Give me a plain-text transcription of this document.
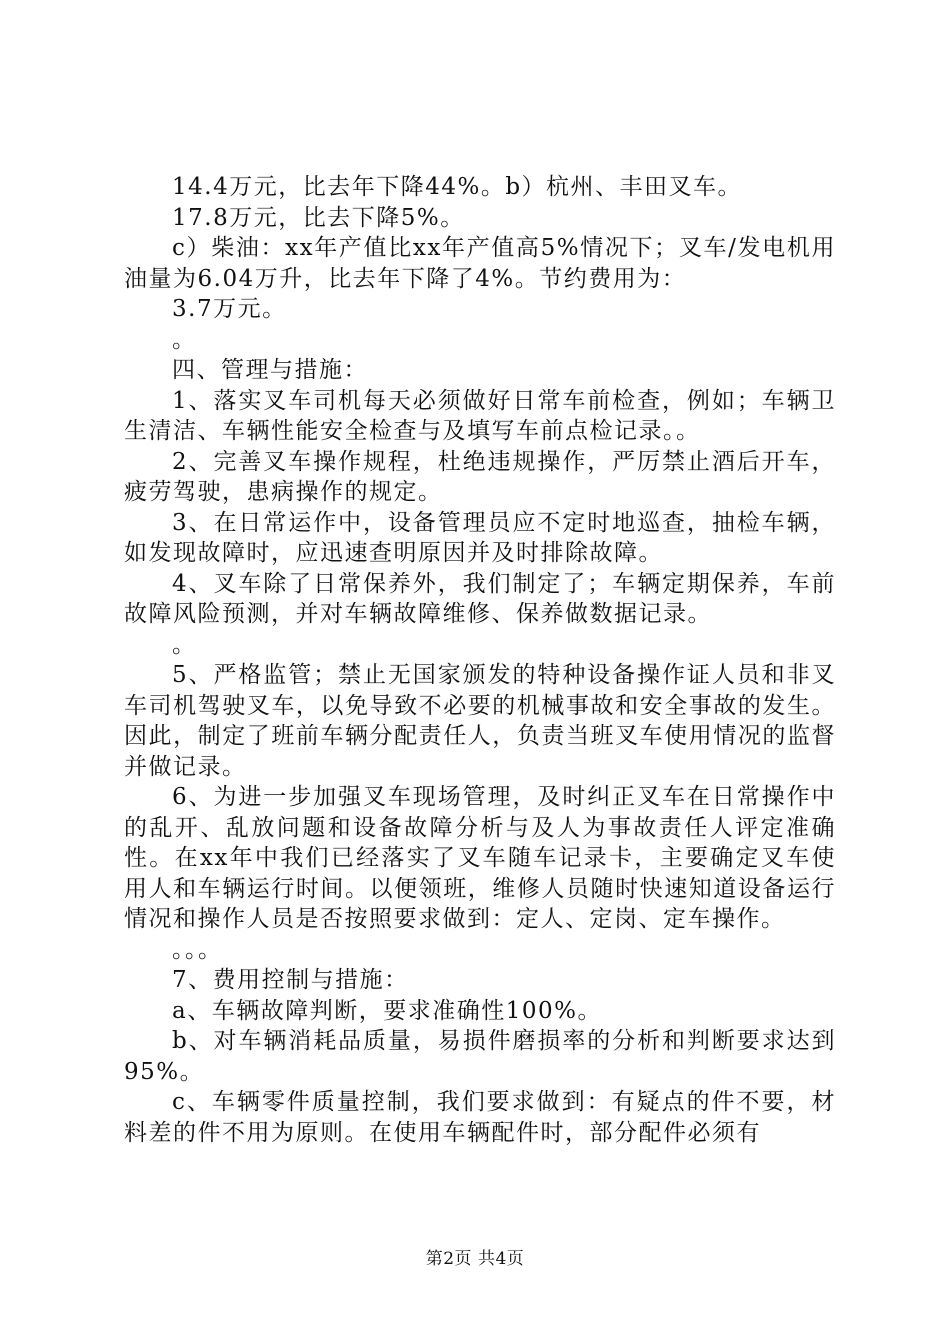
14.4万元，比去年下降44%。b）杭州、丰田叉车。

17.8万元，比去下降5%。

c）柴油：xx年产值比xx年产值高5%情况下；叉车/发电机用油量为6.04万升，比去年下降了4%。节约费用为：

3.7万元。

。

四、管理与措施：

1、落实叉车司机每天必须做好日常车前检查，例如；车辆卫生清洁、车辆性能安全检查与及填写车前点检记录。。

2、完善叉车操作规程，杜绝违规操作，严厉禁止酒后开车，疲劳驾驶，患病操作的规定。

3、在日常运作中，设备管理员应不定时地巡查，抽检车辆，如发现故障时，应迅速查明原因并及时排除故障。

4、叉车除了日常保养外，我们制定了；车辆定期保养，车前故障风险预测，并对车辆故障维修、保养做数据记录。

。

5、严格监管；禁止无国家颁发的特种设备操作证人员和非叉车司机驾驶叉车，以免导致不必要的机械事故和安全事故的发生。因此，制定了班前车辆分配责任人，负责当班叉车使用情况的监督并做记录。

6、为进一步加强叉车现场管理，及时纠正叉车在日常操作中的乱开、乱放问题和设备故障分析与及人为事故责任人评定准确性。在xx年中我们已经落实了叉车随车记录卡，主要确定叉车使用人和车辆运行时间。以便领班，维修人员随时快速知道设备运行情况和操作人员是否按照要求做到：定人、定岗、定车操作。

。。。

7、费用控制与措施：

a、车辆故障判断，要求准确性100%。

b、对车辆消耗品质量，易损件磨损率的分析和判断要求达到95%。

c、车辆零件质量控制，我们要求做到：有疑点的件不要，材料差的件不用为原则。在使用车辆配件时，部分配件必须有

第2页 共4页
